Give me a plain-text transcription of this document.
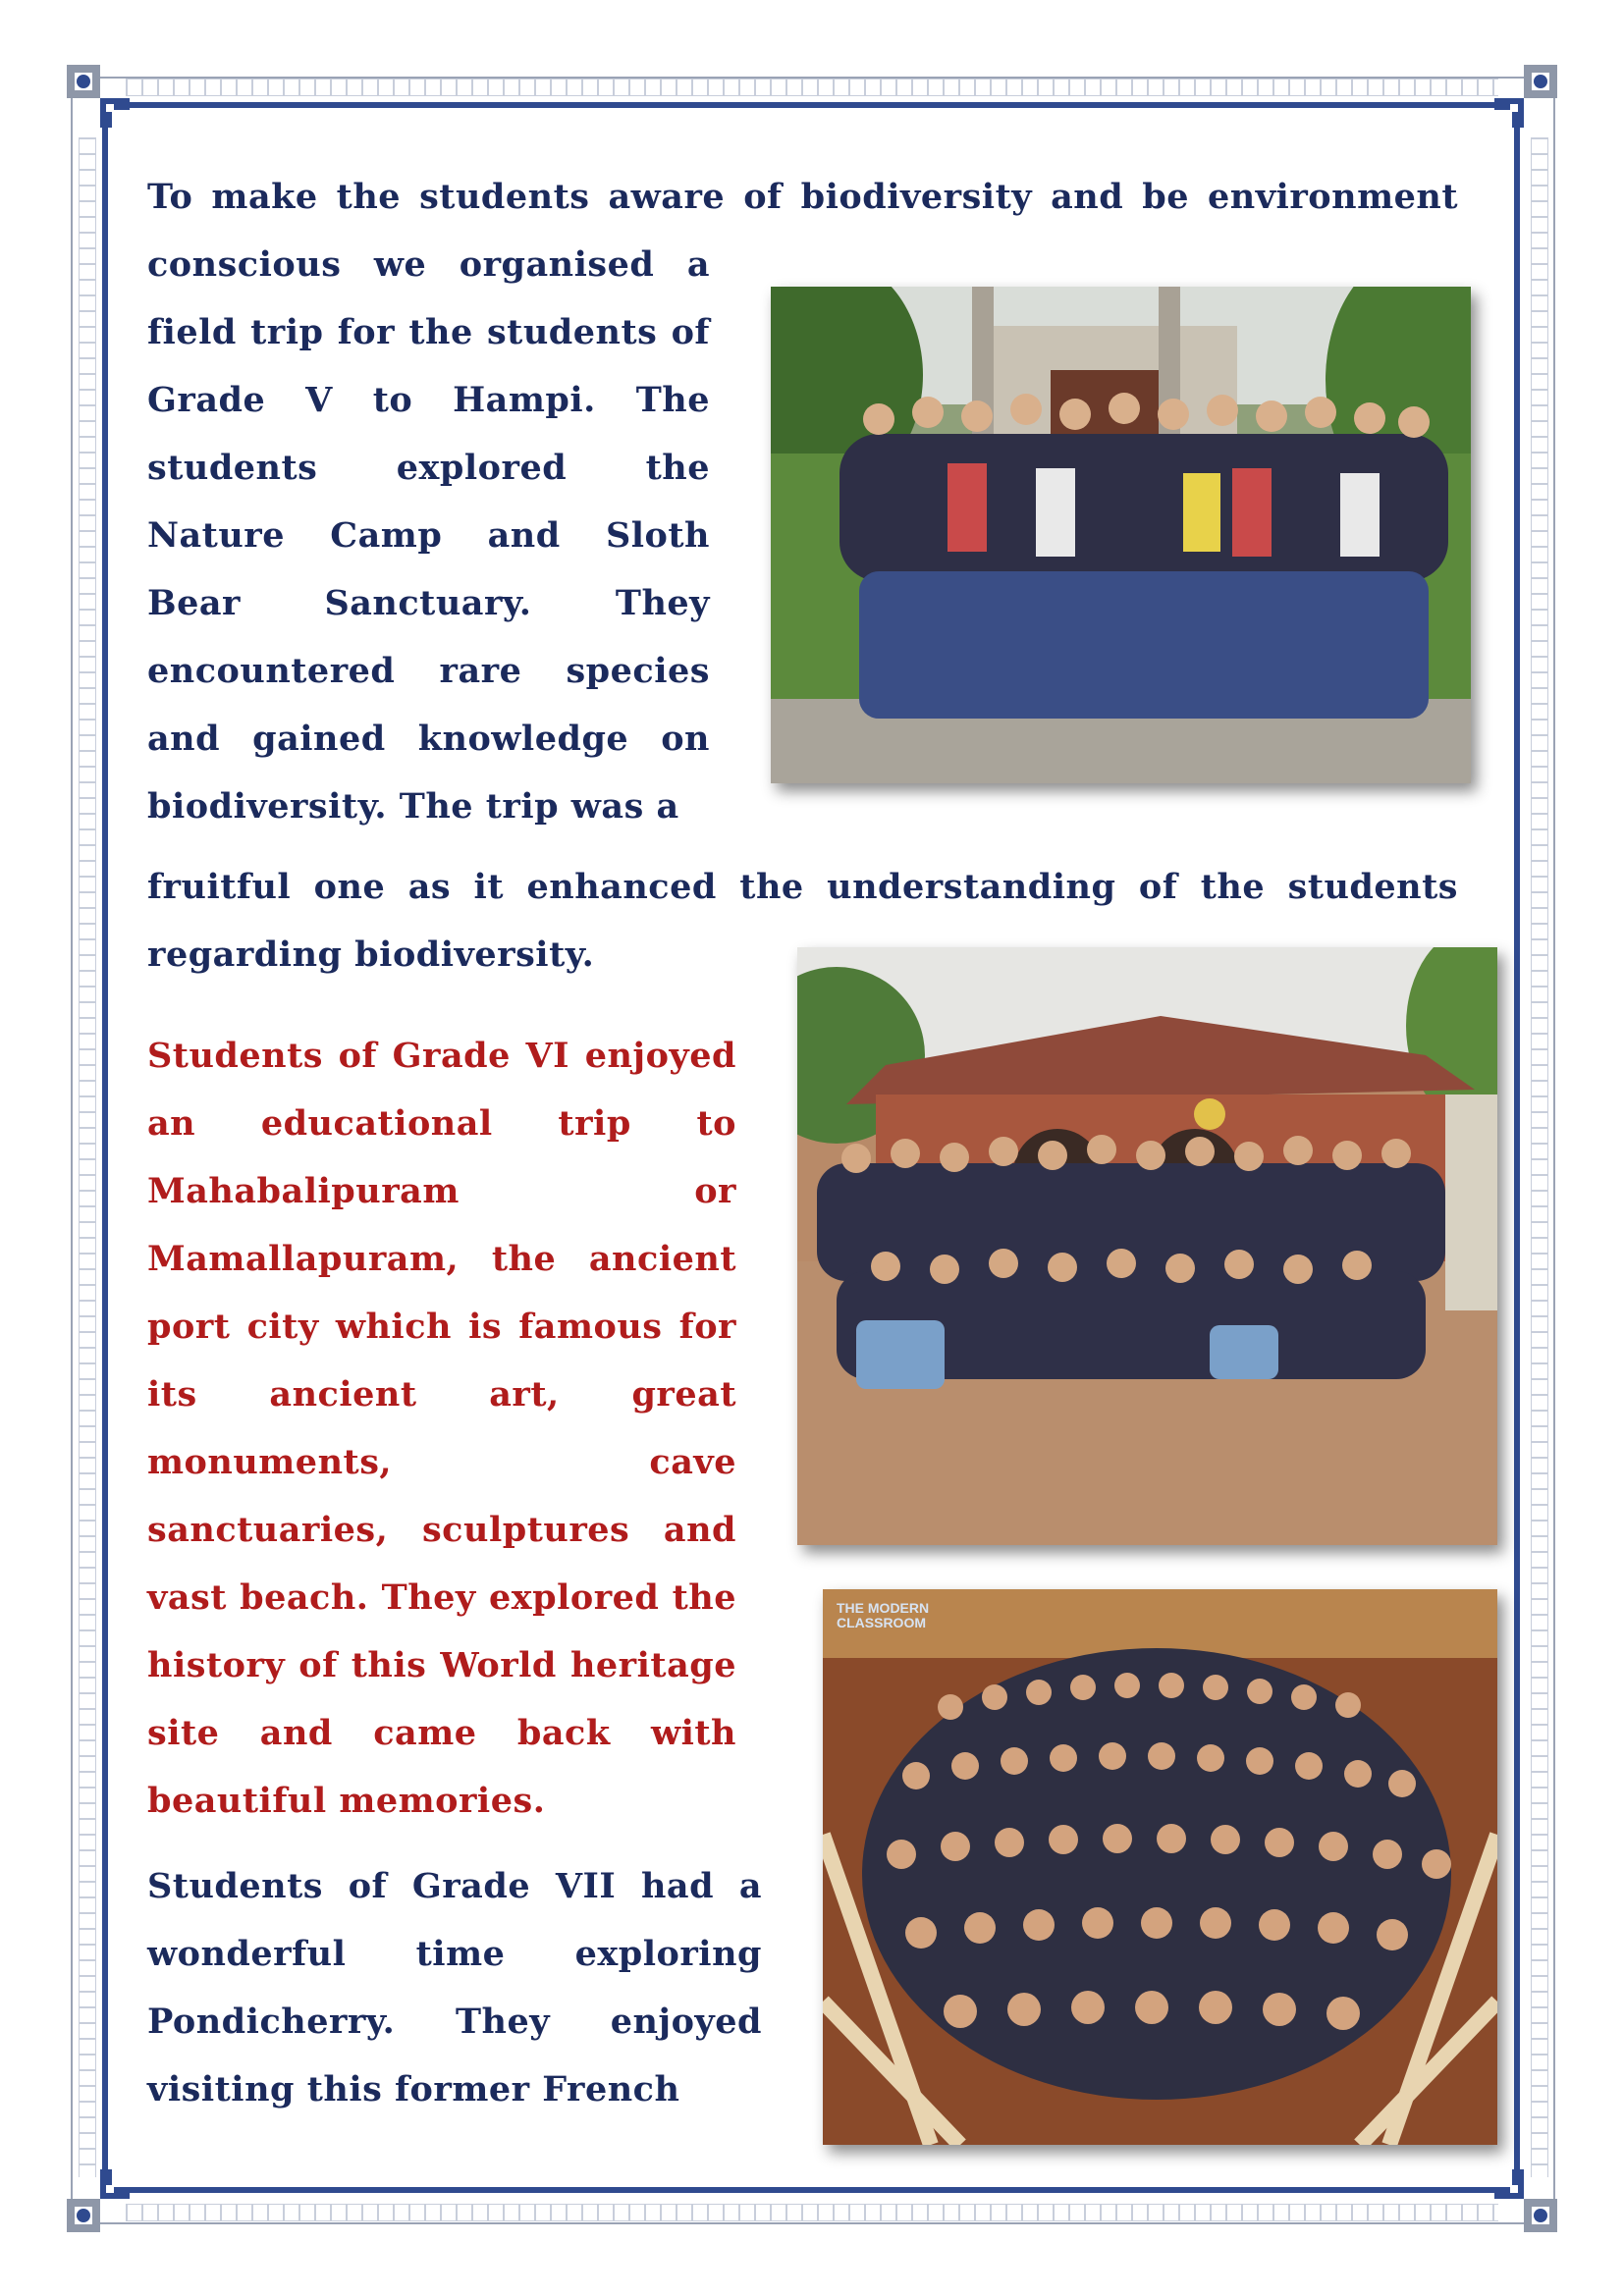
To make the students aware of biodiversity and be environment

conscious we organised a field trip for the students of Grade V to Hampi. The students explored the Nature Camp and Sloth Bear Sanctuary. They encountered rare species and gained knowledge on biodiversity. The trip was a

fruitful one as it enhanced the understanding of the students regarding biodiversity.

Students of Grade VI enjoyed an educational trip to Mahabalipuram or Mamallapuram, the ancient port city which is famous for its ancient art, great monuments, cave sanctuaries, sculptures and vast beach. They explored the history of this World heritage site and came back with beautiful memories.

Students of Grade VII had a wonderful time exploring Pondicherry. They enjoyed visiting this former French

THE MODERN
CLASSROOM
